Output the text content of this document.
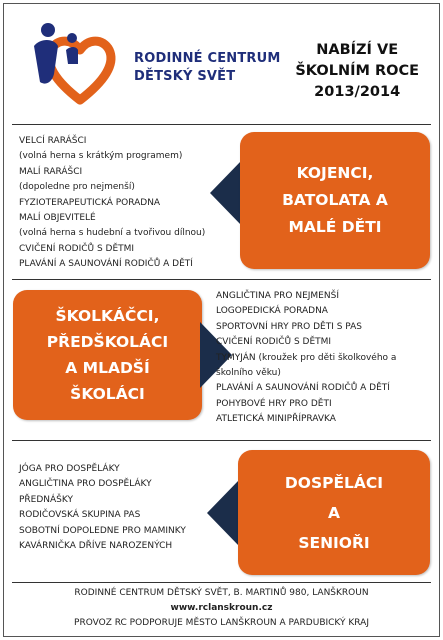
RODINNÉ CENTRUM
DĚTSKÝ SVĚT
NABÍZÍ VE
ŠKOLNÍM ROCE
2013/2014
VELCÍ RARÁŠCI
(volná herna s krátkým programem)
MALÍ RARÁŠCI
(dopoledne pro nejmenší)
FYZIOTERAPEUTICKÁ PORADNA
MALÍ OBJEVITELÉ
(volná herna s hudební a tvořivou dílnou)
CVIČENÍ RODIČŮ S DĚTMI
PLAVÁNÍ A SAUNOVÁNÍ RODIČŮ A DĚTÍ
KOJENCI,
BATOLATA A
MALÉ DĚTI
ŠKOLKÁČCI,
PŘEDŠKOLÁCI
A MLADŠÍ
ŠKOLÁCI
ANGLIČTINA PRO NEJMENŠÍ
LOGOPEDICKÁ PORADNA
SPORTOVNÍ HRY PRO DĚTI S PAS
CVIČENÍ RODIČŮ S DĚTMI
TYMYJÁN (kroužek pro děti školkového a
školního věku)
PLAVÁNÍ A SAUNOVÁNÍ RODIČŮ A DĚTÍ
POHYBOVÉ HRY PRO DĚTI
ATLETICKÁ MINIPŘÍPRAVKA
JÓGA PRO DOSPĚLÁKY
ANGLIČTINA PRO DOSPĚLÁKY
PŘEDNÁŠKY
RODIČOVSKÁ SKUPINA PAS
SOBOTNÍ DOPOLEDNE PRO MAMINKY
KAVÁRNIČKA DŘÍVE NAROZENÝCH
DOSPĚLÁCI
A
SENIOŘI
RODINNÉ CENTRUM DĚTSKÝ SVĚT, B. MARTINŮ 980, LANŠKROUN
www.rclanskroun.cz
PROVOZ RC PODPORUJE MĚSTO LANŠKROUN A PARDUBICKÝ KRAJ
